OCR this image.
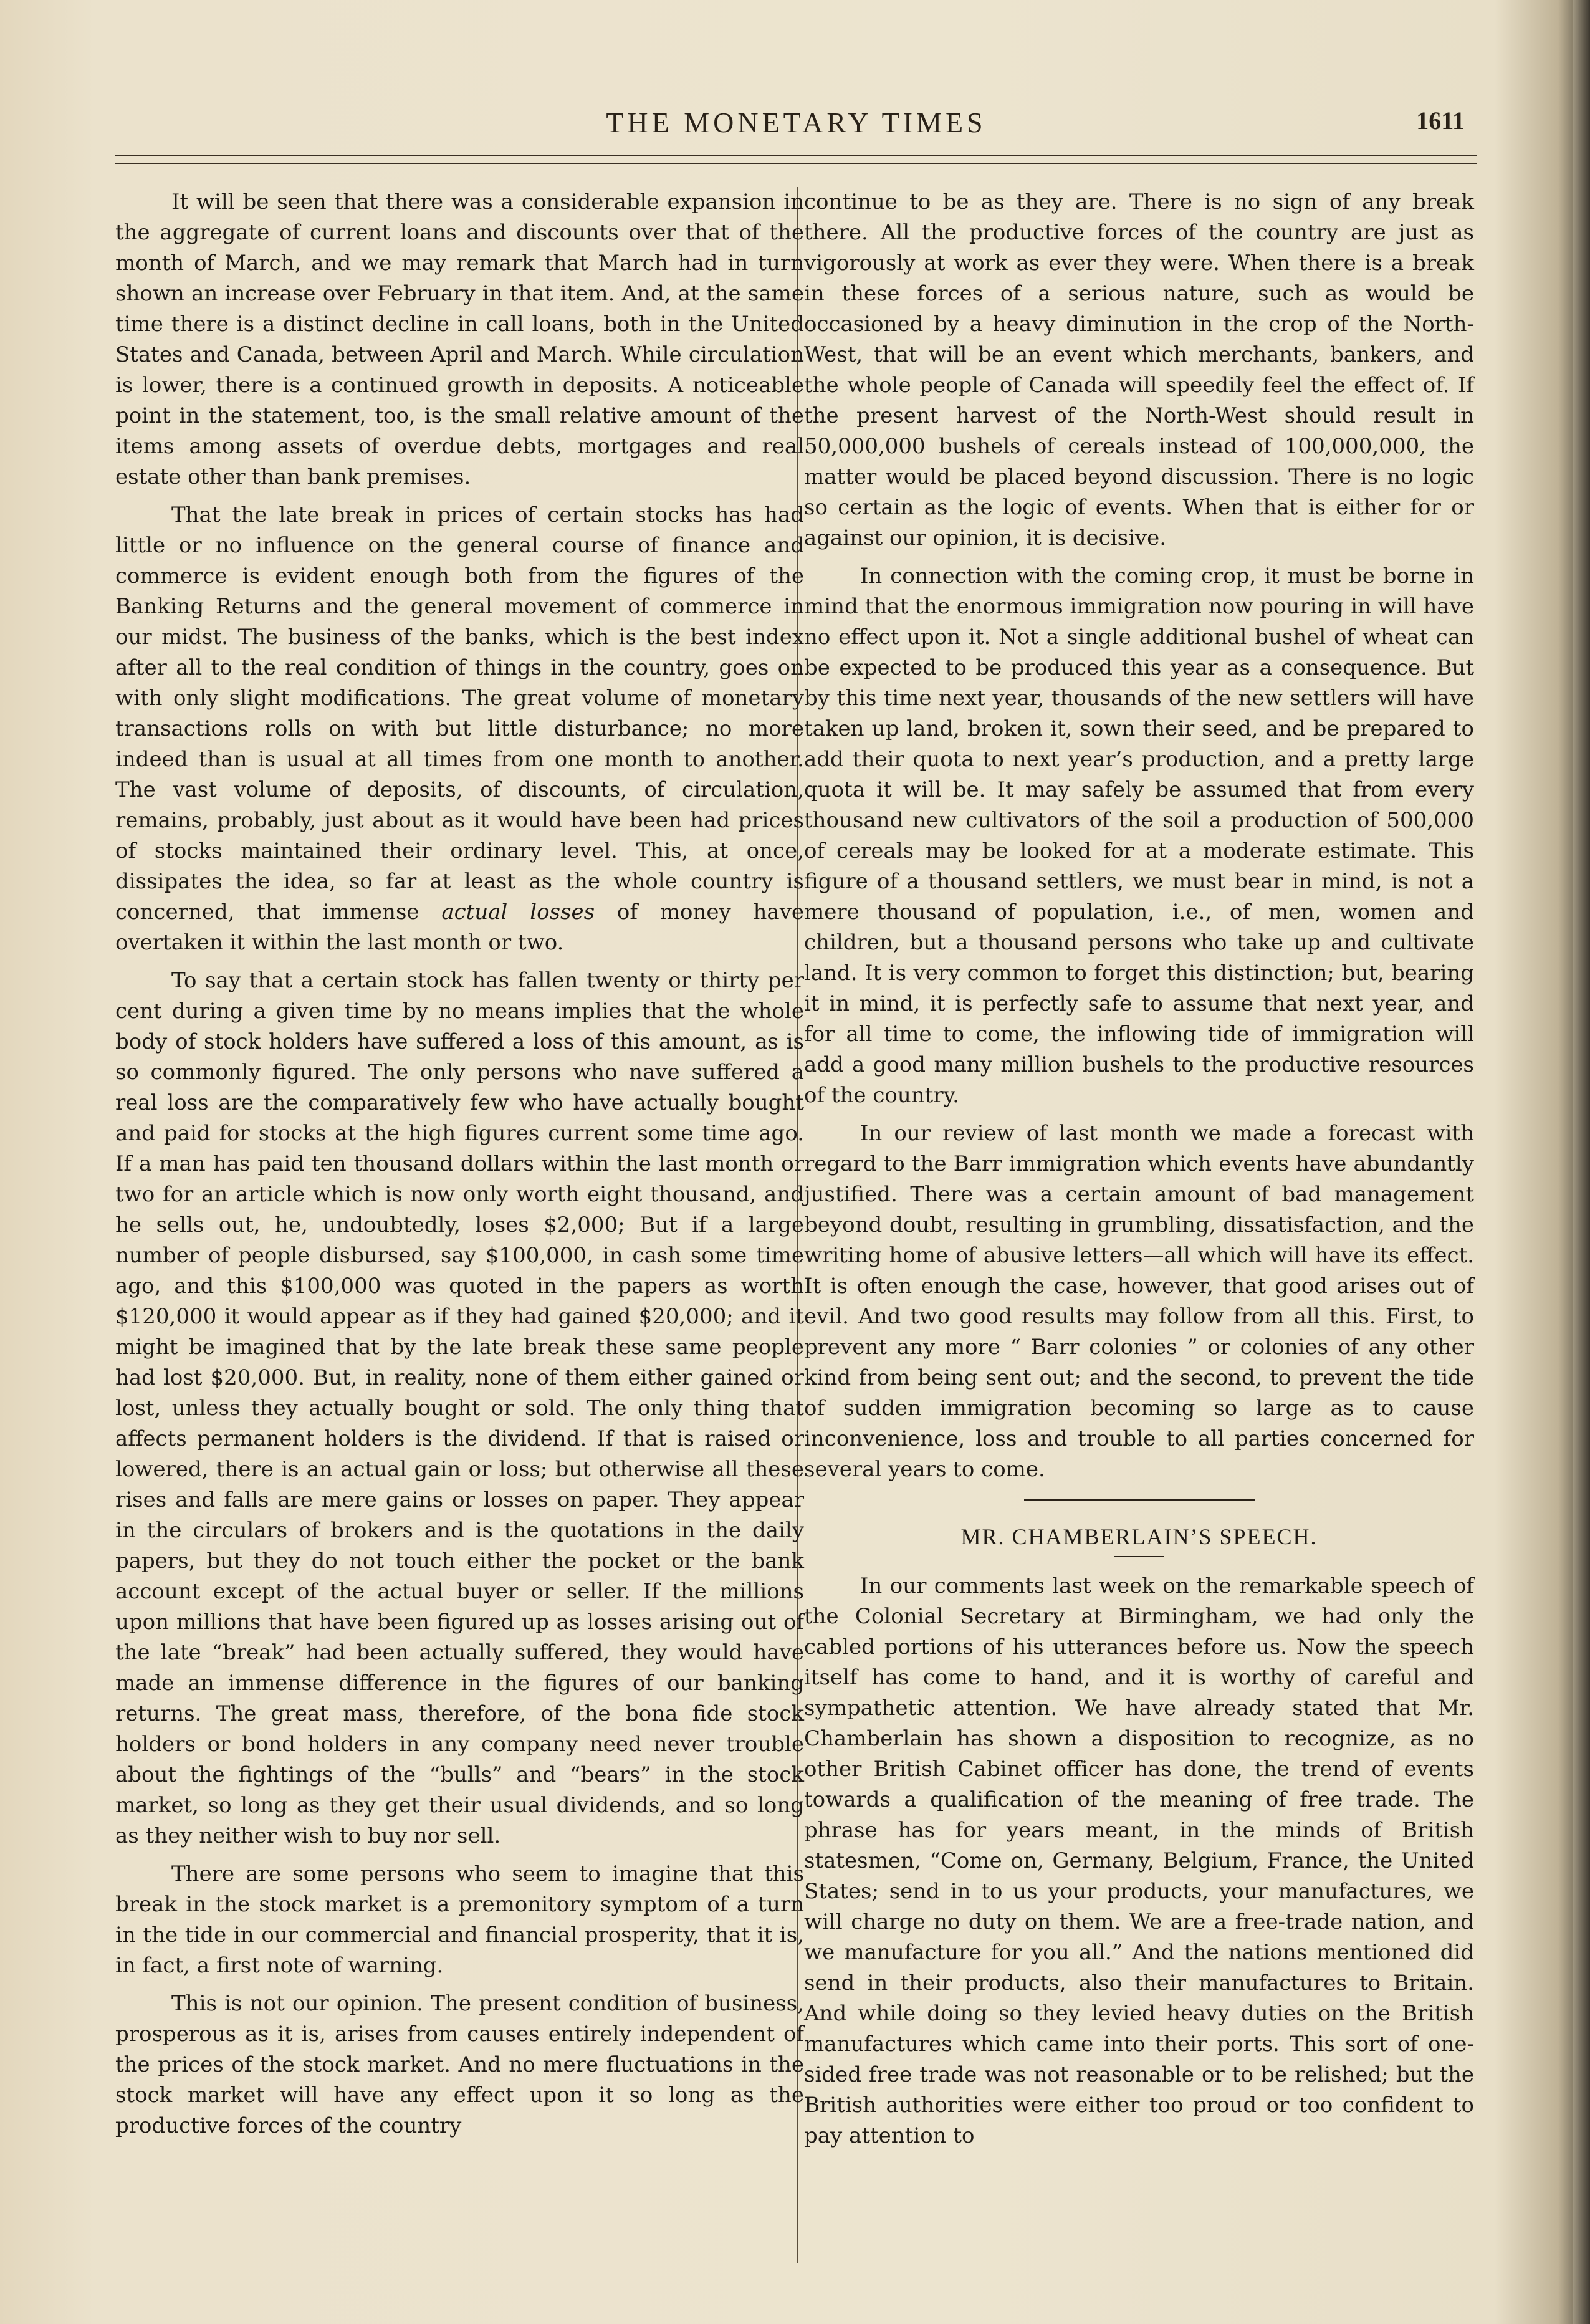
THE MONETARY TIMES	1611

It will be seen that there was a considerable expansion in the aggregate of current loans and discounts over that of the month of March, and we may remark that March had in turn shown an increase over February in that item. And, at the same time there is a distinct decline in call loans, both in the United States and Canada, between April and March. While circulation is lower, there is a continued growth in deposits. A noticeable point in the statement, too, is the small relative amount of the items among assets of overdue debts, mortgages and real estate other than bank premises.

That the late break in prices of certain stocks has had little or no influence on the general course of finance and commerce is evident enough both from the figures of the Banking Returns and the general movement of commerce in our midst. The business of the banks, which is the best index after all to the real condition of things in the country, goes on with only slight modifications. The great volume of monetary transactions rolls on with but little disturbance; no more indeed than is usual at all times from one month to another. The vast volume of deposits, of discounts, of circulation, remains, probably, just about as it would have been had prices of stocks maintained their ordinary level. This, at once, dissipates the idea, so far at least as the whole country is concerned, that immense actual losses of money have overtaken it within the last month or two.

To say that a certain stock has fallen twenty or thirty per cent during a given time by no means implies that the whole body of stock holders have suffered a loss of this amount, as is so commonly figured. The only persons who nave suffered a real loss are the comparatively few who have actually bought and paid for stocks at the high figures current some time ago. If a man has paid ten thousand dollars within the last month or two for an article which is now only worth eight thousand, and he sells out, he, undoubtedly, loses $2,000; But if a large number of people disbursed, say $100,000, in cash some time ago, and this $100,000 was quoted in the papers as worth $120,000 it would appear as if they had gained $20,000; and it might be imagined that by the late break these same people had lost $20,000. But, in reality, none of them either gained or lost, unless they actually bought or sold. The only thing that affects permanent holders is the dividend. If that is raised or lowered, there is an actual gain or loss; but otherwise all these rises and falls are mere gains or losses on paper. They appear in the circulars of brokers and is the quotations in the daily papers, but they do not touch either the pocket or the bank account except of the actual buyer or seller. If the millions upon millions that have been figured up as losses arising out of the late “break” had been actually suffered, they would have made an immense difference in the figures of our banking returns. The great mass, therefore, of the bona fide stock holders or bond holders in any company need never trouble about the fightings of the “bulls” and “bears” in the stock market, so long as they get their usual dividends, and so long as they neither wish to buy nor sell.

There are some persons who seem to imagine that this break in the stock market is a premonitory symptom of a turn in the tide in our commercial and financial prosperity, that it is, in fact, a first note of warning.

This is not our opinion. The present condition of business, prosperous as it is, arises from causes entirely independent of the prices of the stock market. And no mere fluctuations in the stock market will have any effect upon it so long as the productive forces of the country

continue to be as they are. There is no sign of any break there. All the productive forces of the country are just as vigorously at work as ever they were. When there is a break in these forces of a serious nature, such as would be occasioned by a heavy diminution in the crop of the North-West, that will be an event which merchants, bankers, and the whole people of Canada will speedily feel the effect of. If the present harvest of the North-West should result in 50,000,000 bushels of cereals instead of 100,000,000, the matter would be placed beyond discussion. There is no logic so certain as the logic of events. When that is either for or against our opinion, it is decisive.

In connection with the coming crop, it must be borne in mind that the enormous immigration now pouring in will have no effect upon it. Not a single additional bushel of wheat can be expected to be produced this year as a consequence. But by this time next year, thousands of the new settlers will have taken up land, broken it, sown their seed, and be prepared to add their quota to next year’s production, and a pretty large quota it will be. It may safely be assumed that from every thousand new cultivators of the soil a production of 500,000 of cereals may be looked for at a moderate estimate. This figure of a thousand settlers, we must bear in mind, is not a mere thousand of population, i.e., of men, women and children, but a thousand persons who take up and cultivate land. It is very common to forget this distinction; but, bearing it in mind, it is perfectly safe to assume that next year, and for all time to come, the inflowing tide of immigration will add a good many million bushels to the productive resources of the country.

In our review of last month we made a forecast with regard to the Barr immigration which events have abundantly justified. There was a certain amount of bad management beyond doubt, resulting in grumbling, dissatisfaction, and the writing home of abusive letters—all which will have its effect. It is often enough the case, however, that good arises out of evil. And two good results may follow from all this. First, to prevent any more “ Barr colonies ” or colonies of any other kind from being sent out; and the second, to prevent the tide of sudden immigration becoming so large as to cause inconvenience, loss and trouble to all parties concerned for several years to come.

MR. CHAMBERLAIN’S SPEECH.

In our comments last week on the remarkable speech of the Colonial Secretary at Birmingham, we had only the cabled portions of his utterances before us. Now the speech itself has come to hand, and it is worthy of careful and sympathetic attention. We have already stated that Mr. Chamberlain has shown a disposition to recognize, as no other British Cabinet officer has done, the trend of events towards a qualification of the meaning of free trade. The phrase has for years meant, in the minds of British statesmen, “Come on, Germany, Belgium, France, the United States; send in to us your products, your manufactures, we will charge no duty on them. We are a free-trade nation, and we manufacture for you all.” And the nations mentioned did send in their products, also their manufactures to Britain. And while doing so they levied heavy duties on the British manufactures which came into their ports. This sort of one-sided free trade was not reasonable or to be relished; but the British authorities were either too proud or too confident to pay attention to
